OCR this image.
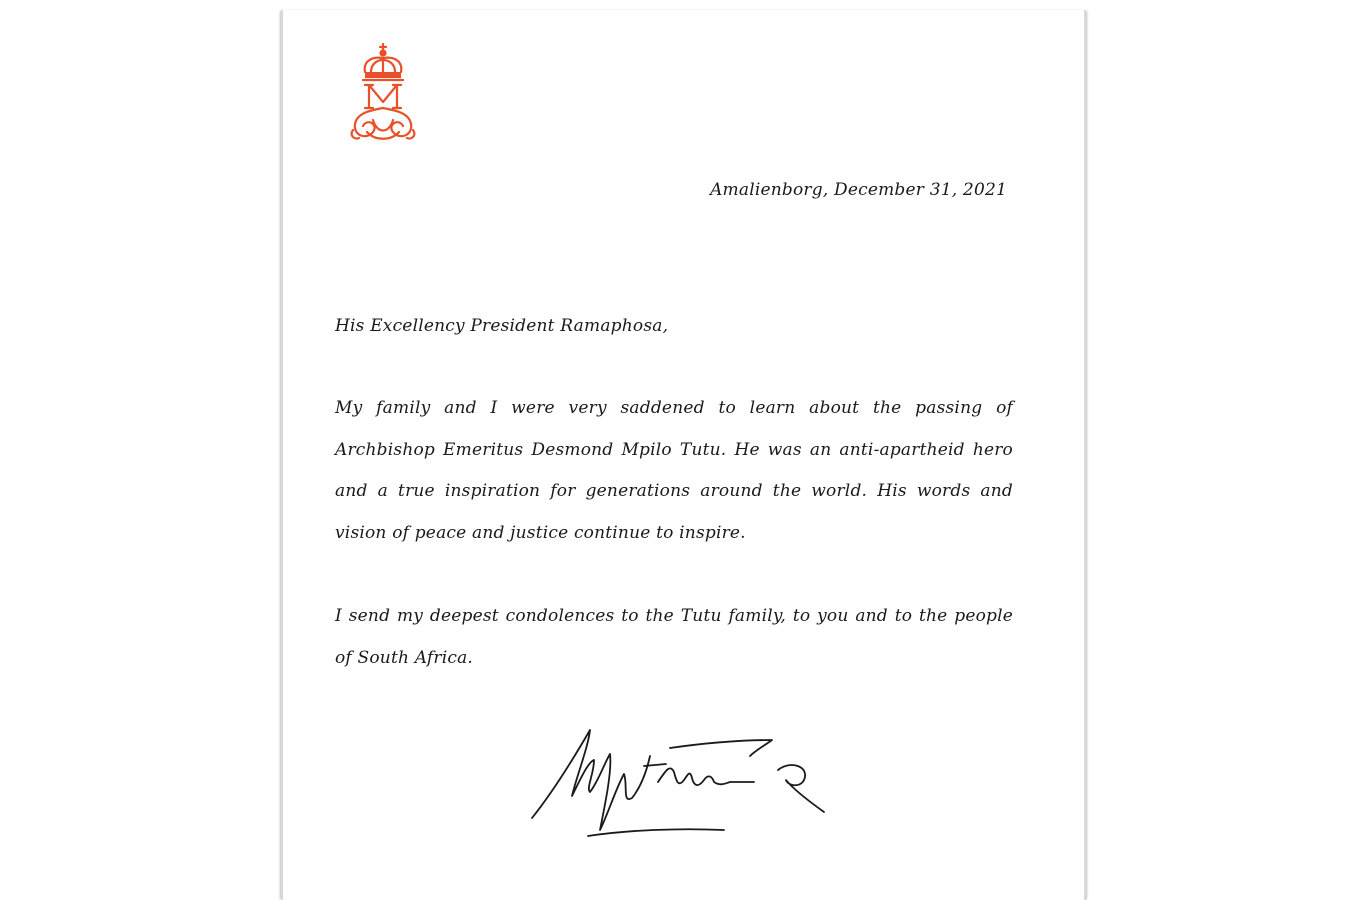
Amalienborg, December 31, 2021
His Excellency President Ramaphosa,

My family and I were very saddened to learn about the passing of Archbishop Emeritus Desmond Mpilo Tutu. He was an anti-apartheid hero and a true inspiration for generations around the world. His words and vision of peace and justice continue to inspire.

I send my deepest condolences to the Tutu family, to you and to the people of South Africa.
